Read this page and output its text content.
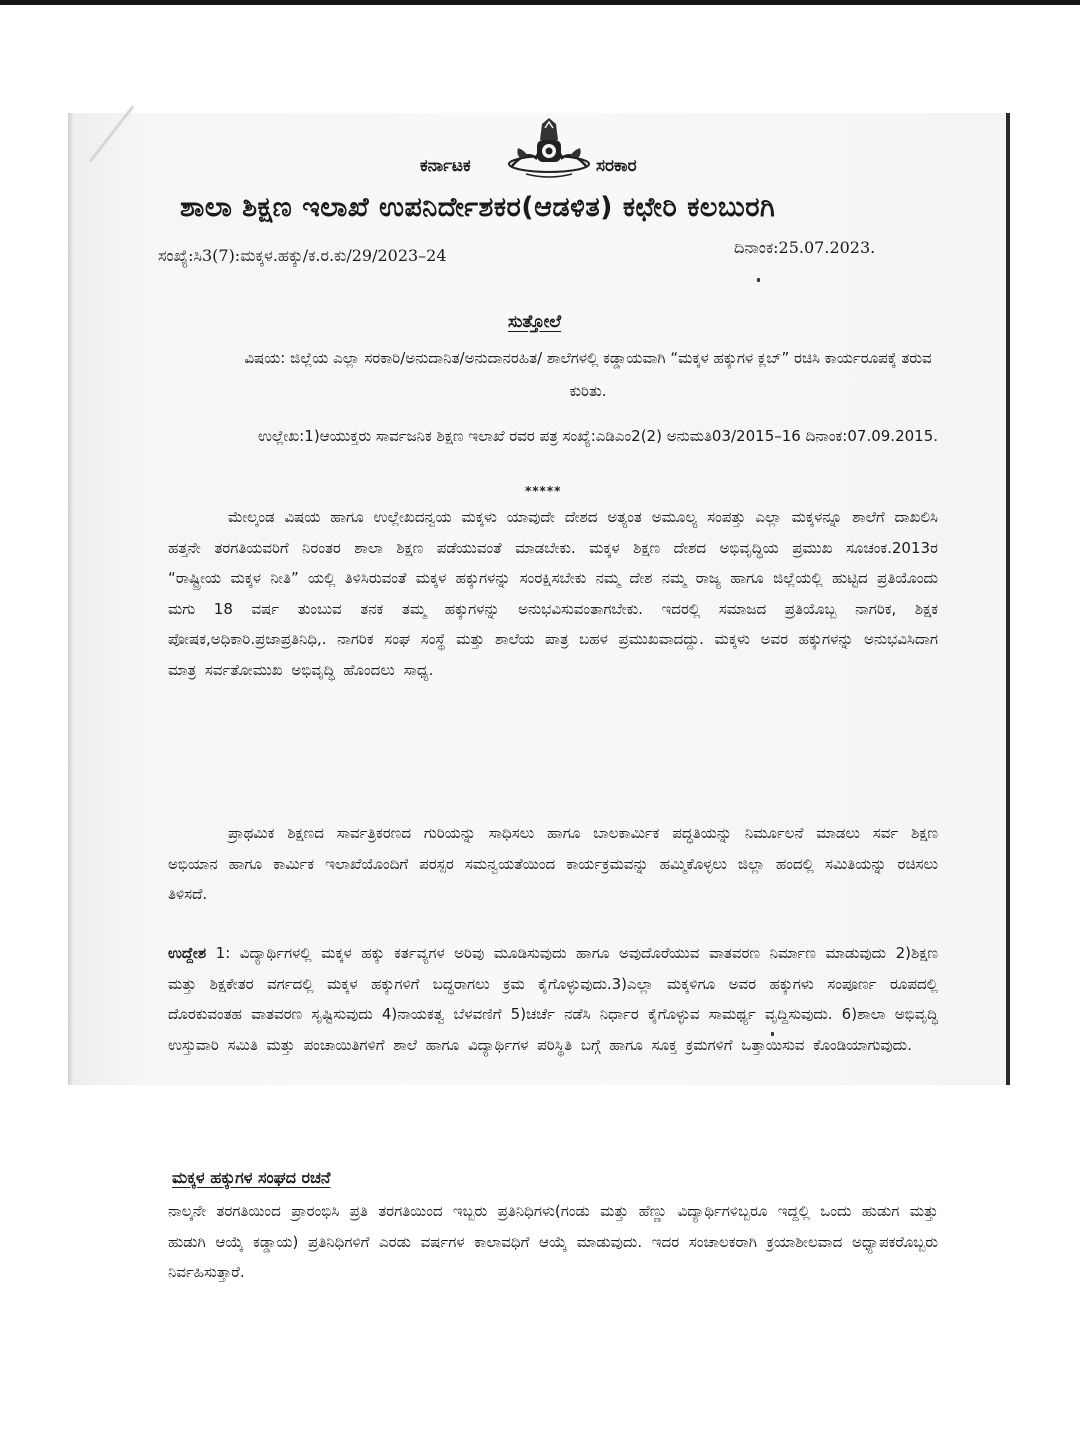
ಕರ್ನಾಟಕ	ಸರಕಾರ
ಶಾಲಾ ಶಿಕ್ಷಣ ಇಲಾಖೆ ಉಪನಿರ್ದೇಶಕರ(ಆಡಳಿತ) ಕಛೇರಿ ಕಲಬುರಗಿ
ಸಂಖ್ಯೆ:ಸಿ3(7):ಮಕ್ಕಳ.ಹಕ್ಕು/ಕ.ರ.ಕು/29/2023–24	ದಿನಾಂಕ:25.07.2023.
ಸುತ್ತೋಲೆ
ವಿಷಯ: ಜಿಲ್ಲೆಯ ಎಲ್ಲಾ ಸರಕಾರಿ/ಅನುದಾನಿತ/ಅನುದಾನರಹಿತ/ ಶಾಲೆಗಳಲ್ಲಿ ಕಡ್ಡಾಯವಾಗಿ “ಮಕ್ಕಳ ಹಕ್ಕುಗಳ ಕ್ಲಬ್” ರಚಿಸಿ ಕಾರ್ಯರೂಪಕ್ಕೆ ತರುವ ಕುರಿತು.
ಉಲ್ಲೇಖ:1)ಆಯುಕ್ತರು ಸಾರ್ವಜನಿಕ ಶಿಕ್ಷಣ ಇಲಾಖೆ ರವರ ಪತ್ರ ಸಂಖ್ಯೆ:ಎಡಿಎಂ2(2) ಅನುಮತಿ03/2015–16 ದಿನಾಂಕ:07.09.2015.
*****
ಮೇಲ್ಕಂಡ ವಿಷಯ ಹಾಗೂ ಉಲ್ಲೇಖದನ್ವಯ ಮಕ್ಕಳು ಯಾವುದೇ ದೇಶದ ಅತ್ಯಂತ ಅಮೂಲ್ಯ ಸಂಪತ್ತು ಎಲ್ಲಾ ಮಕ್ಕಳನ್ನೂ ಶಾಲೆಗೆ ದಾಖಲಿಸಿ ಹತ್ತನೇ ತರಗತಿಯವರಿಗೆ ನಿರಂತರ ಶಾಲಾ ಶಿಕ್ಷಣ ಪಡೆಯುವಂತೆ ಮಾಡಬೇಕು. ಮಕ್ಕಳ ಶಿಕ್ಷಣ ದೇಶದ ಅಭಿವೃದ್ಧಿಯ ಪ್ರಮುಖ ಸೂಚಂಕ.2013ರ “ರಾಷ್ಟ್ರೀಯ ಮಕ್ಕಳ ನೀತಿ” ಯಲ್ಲಿ ತಿಳಿಸಿರುವಂತೆ ಮಕ್ಕಳ ಹಕ್ಕುಗಳನ್ನು ಸಂರಕ್ಷಿಸಬೇಕು ನಮ್ಮ ದೇಶ ನಮ್ಮ ರಾಜ್ಯ ಹಾಗೂ ಜಿಲ್ಲೆಯಲ್ಲಿ ಹುಟ್ಟಿದ ಪ್ರತಿಯೊಂದು ಮಗು 18 ವರ್ಷ ತುಂಬುವ ತನಕ ತಮ್ಮ ಹಕ್ಕುಗಳನ್ನು ಅನುಭವಿಸುವಂತಾಗಬೇಕು. ಇದರಲ್ಲಿ ಸಮಾಜದ ಪ್ರತಿಯೊಬ್ಬ ನಾಗರಿಕ, ಶಿಕ್ಷಕ ಪೋಷಕ,ಅಧಿಕಾರಿ.ಪ್ರಜಾಪ್ರತಿನಿಧಿ,. ನಾಗರಿಕ ಸಂಘ ಸಂಸ್ಥೆ ಮತ್ತು ಶಾಲೆಯ ಪಾತ್ರ ಬಹಳ ಪ್ರಮುಖವಾದದ್ದು. ಮಕ್ಕಳು ಅವರ ಹಕ್ಕುಗಳನ್ನು ಅನುಭವಿಸಿದಾಗ ಮಾತ್ರ ಸರ್ವತೋಮುಖ ಅಭಿವೃದ್ಧಿ ಹೊಂದಲು ಸಾಧ್ಯ.
ಪ್ರಾಥಮಿಕ ಶಿಕ್ಷಣದ ಸಾರ್ವತ್ರಿಕರಣದ ಗುರಿಯನ್ನು ಸಾಧಿಸಲು ಹಾಗೂ ಬಾಲಕಾರ್ಮಿಕ ಪದ್ಧತಿಯನ್ನು ನಿರ್ಮೂಲನೆ ಮಾಡಲು ಸರ್ವ ಶಿಕ್ಷಣ ಅಭಿಯಾನ ಹಾಗೂ ಕಾರ್ಮಿಕ ಇಲಾಖೆಯೊಂದಿಗೆ ಪರಸ್ಪರ ಸಮನ್ವಯತೆಯಿಂದ ಕಾರ್ಯಕ್ರಮವನ್ನು ಹಮ್ಮಿಕೊಳ್ಳಲು ಜಿಲ್ಲಾ ಹಂದಲ್ಲಿ ಸಮಿತಿಯನ್ನು ರಚಿಸಲು ತಿಳಿಸದೆ.
ಉದ್ದೇಶ 1: ವಿದ್ಯಾರ್ಥಿಗಳಲ್ಲಿ ಮಕ್ಕಳ ಹಕ್ಕು ಕರ್ತವ್ಯಗಳ ಅರಿವು ಮೂಡಿಸುವುದು ಹಾಗೂ ಅವುದೊರೆಯುವ ವಾತವರಣ ನಿರ್ಮಾಣ ಮಾಡುವುದು 2)ಶಿಕ್ಷಣ ಮತ್ತು ಶಿಕ್ಷಕೇತರ ವರ್ಗದಲ್ಲಿ ಮಕ್ಕಳ ಹಕ್ಕುಗಳಿಗೆ ಬದ್ಧರಾಗಲು ಕ್ರಮ ಕೈಗೊಳ್ಳುವುದು.3)ಎಲ್ಲಾ ಮಕ್ಕಳಿಗೂ ಅವರ ಹಕ್ಕುಗಳು ಸಂಪೂರ್ಣ ರೂಪದಲ್ಲಿ ದೊರಕುವಂತಹ ವಾತವರಣ ಸೃಷ್ಟಿಸುವುದು 4)ನಾಯಕತ್ವ ಬೆಳವಣಿಗೆ 5)ಚರ್ಚೆ ನಡೆಸಿ ನಿರ್ಧಾರ ಕೈಗೊಳ್ಳುವ ಸಾಮರ್ಥ್ಯ ವೃದ್ದಿಸುವುದು. 6)ಶಾಲಾ ಅಭಿವೃದ್ಧಿ ಉಸ್ತುವಾರಿ ಸಮಿತಿ ಮತ್ತು ಪಂಚಾಯಿತಿಗಳಿಗೆ ಶಾಲೆ ಹಾಗೂ ವಿದ್ಯಾರ್ಥಿಗಳ ಪರಿಸ್ಥಿತಿ ಬಗ್ಗೆ ಹಾಗೂ ಸೂಕ್ತ ಕ್ರಮಗಳಿಗೆ ಒತ್ತಾಯಿಸುವ ಕೊಂಡಿಯಾಗುವುದು.
ಮಕ್ಕಳ ಹಕ್ಕುಗಳ ಸಂಘದ ರಚನೆ
ನಾಲ್ಕನೇ ತರಗತಿಯಿಂದ ಪ್ರಾರಂಭಿಸಿ ಪ್ರತಿ ತರಗತಿಯಿಂದ ಇಬ್ಬರು ಪ್ರತಿನಿಧಿಗಳು(ಗಂಡು ಮತ್ತು ಹೆಣ್ಣು ವಿದ್ಯಾರ್ಥಿಗಳಿಬ್ಬರೂ ಇದ್ದಲ್ಲಿ ಒಂದು ಹುಡುಗ ಮತ್ತು ಹುಡುಗಿ ಆಯ್ಕೆ ಕಡ್ಡಾಯ) ಪ್ರತಿನಿಧಿಗಳಿಗೆ ಎರಡು ವರ್ಷಗಳ ಕಾಲಾವಧಿಗೆ ಆಯ್ಕೆ ಮಾಡುವುದು. ಇದರ ಸಂಚಾಲಕರಾಗಿ ಕ್ರಯಾಶೀಲವಾದ ಅಧ್ಯಾಪಕರೊಬ್ಬರು ನಿರ್ವಹಿಸುತ್ತಾರೆ.
